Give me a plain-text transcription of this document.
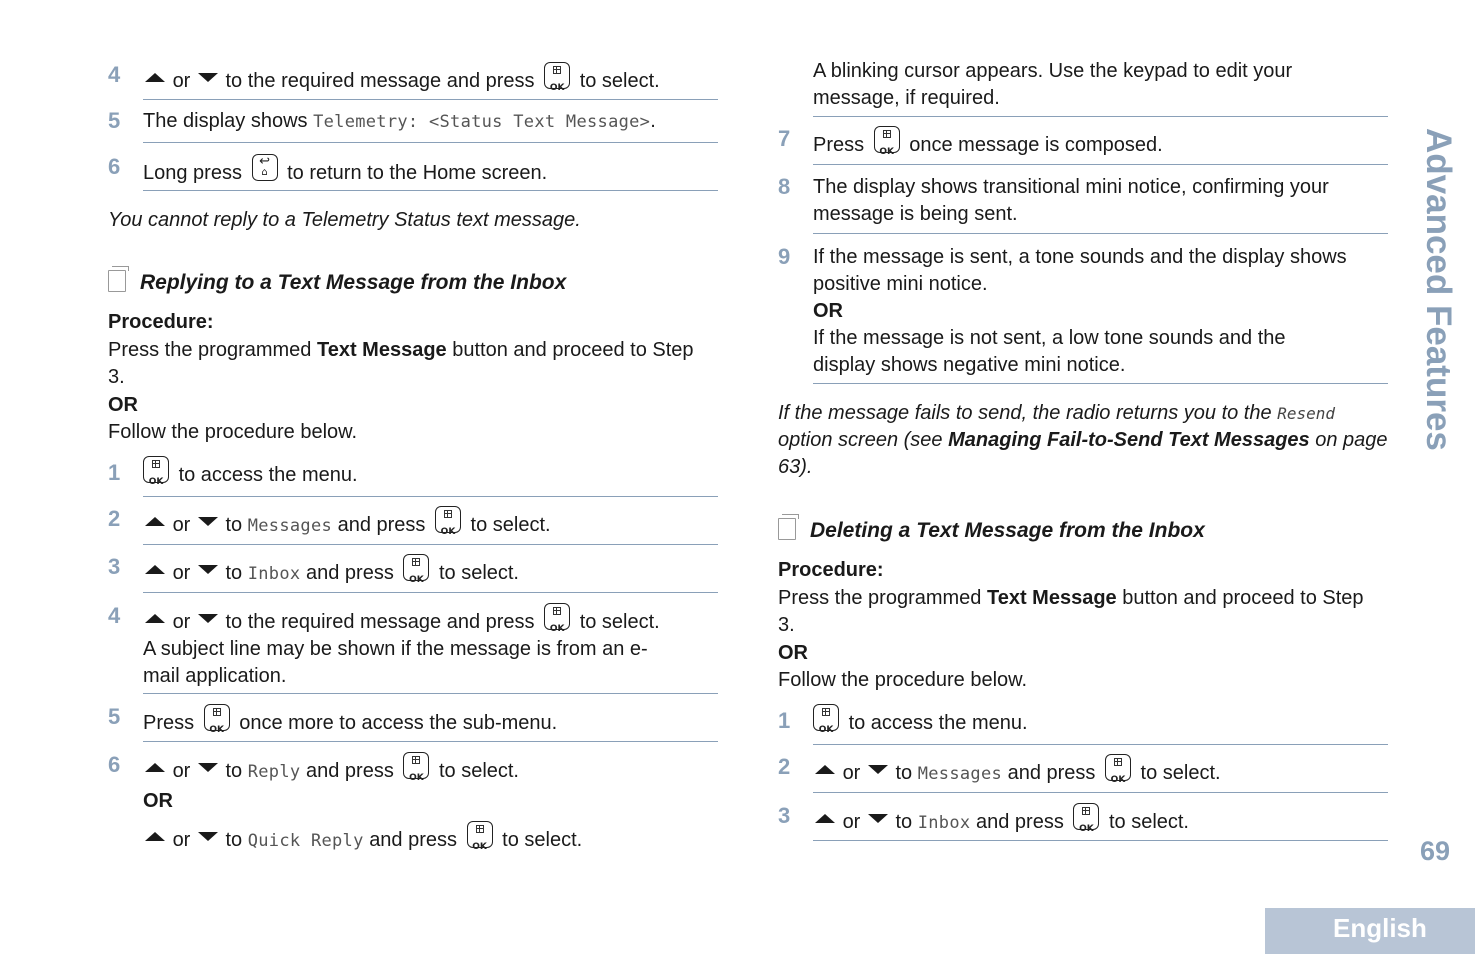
4	or to the required message and press	OK to select.
5 The display shows Telemetry: <Status Text Message>.
6 Long press
↩
⌂ to return to the Home screen.
You cannot reply to a Telemetry Status text message.
Replying to a Text Message from the Inbox
Procedure:
Press the programmed Text Message button and proceed to Step 3.
OR
Follow the procedure below.
1	OK to access the menu.
2	or to Messages and press	OK to select.
3	or to Inbox and press	OK to select.
4	or to the required message and press	OK to select.
A subject line may be shown if the message is from an e-mail application.
5 Press	OK once more to access the sub-menu.
6	or to Reply and press	OK to select.
OR
or to Quick Reply and press	OK to select.
A blinking cursor appears. Use the keypad to edit your message, if required.
7 Press	OK once message is composed.
8 The display shows transitional mini notice, confirming your message is being sent.
9 If the message is sent, a tone sounds and the display shows positive mini notice.
OR
If the message is not sent, a low tone sounds and the display shows negative mini notice.
If the message fails to send, the radio returns you to the Resend option screen (see Managing Fail-to-Send Text Messages on page 63).
Deleting a Text Message from the Inbox
Procedure:
Press the programmed Text Message button and proceed to Step 3.
OR
Follow the procedure below.
1	OK to access the menu.
2	or to Messages and press	OK to select.
3	or to Inbox and press	OK to select.
Advanced Features
69
English
